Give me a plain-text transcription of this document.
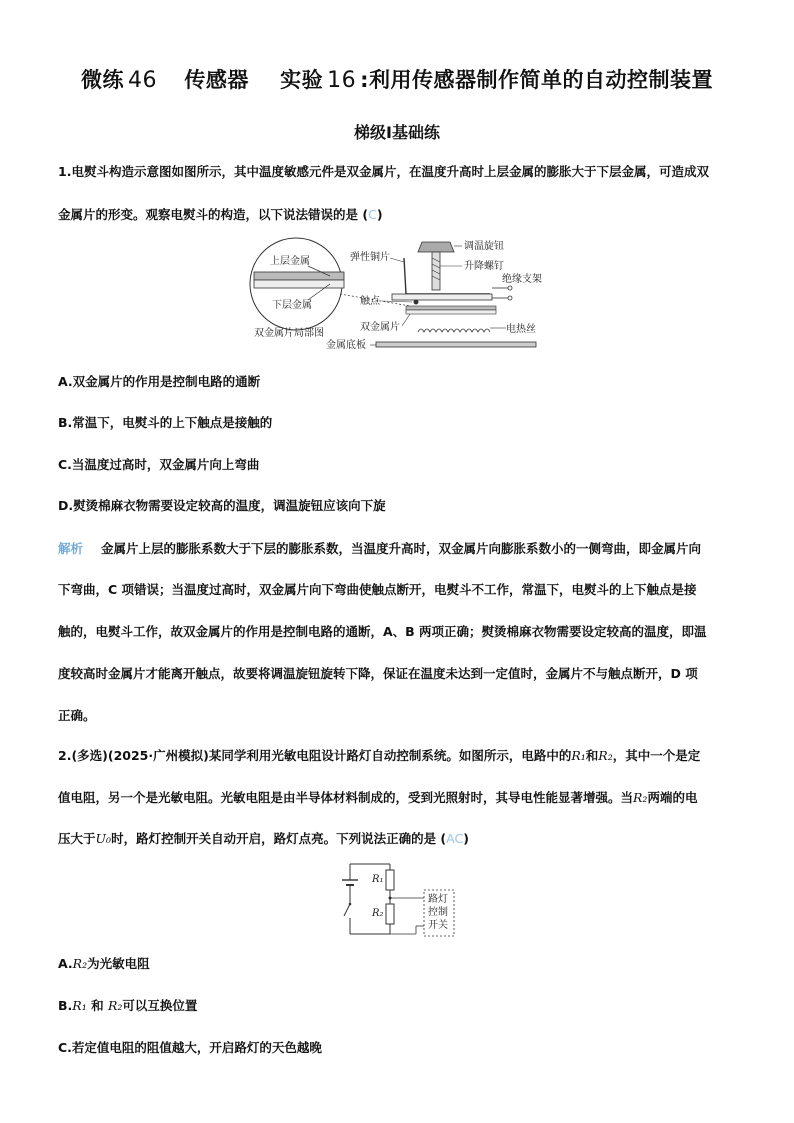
微练 46 传感器 实验 16 :利用传感器制作简单的自动控制装置
梯级Ⅰ基础练
1.电熨斗构造示意图如图所示，其中温度敏感元件是双金属片，在温度升高时上层金属的膨胀大于下层金属，可造成双
金属片的形变。观察电熨斗的构造，以下说法错误的是 (C)
上层金属
下层金属
双金属片局部图
调温旋钮
升降螺钉
弹性铜片
绝缘支架
触点
双金属片	电热丝
金属底板
A.双金属片的作用是控制电路的通断
B.常温下，电熨斗的上下触点是接触的
C.当温度过高时，双金属片向上弯曲
D.熨烫棉麻衣物需要设定较高的温度，调温旋钮应该向下旋
解析 金属片上层的膨胀系数大于下层的膨胀系数，当温度升高时，双金属片向膨胀系数小的一侧弯曲，即金属片向
下弯曲，C 项错误；当温度过高时，双金属片向下弯曲使触点断开，电熨斗不工作，常温下，电熨斗的上下触点是接
触的，电熨斗工作，故双金属片的作用是控制电路的通断，A、B 两项正确；熨烫棉麻衣物需要设定较高的温度，即温
度较高时金属片才能离开触点，故要将调温旋钮旋转下降，保证在温度未达到一定值时，金属片不与触点断开，D 项
正确。
2.(多选)(2025·广州模拟)某同学利用光敏电阻设计路灯自动控制系统。如图所示，电路中的R₁和R₂，其中一个是定
值电阻，另一个是光敏电阻。光敏电阻是由半导体材料制成的，受到光照射时，其导电性能显著增强。当R₂两端的电
压大于U₀时，路灯控制开关自动开启，路灯点亮。下列说法正确的是 (AC)
R₁
R₂
路灯
控制
开关
A.R₂为光敏电阻
B.R₁ 和 R₂可以互换位置
C.若定值电阻的阻值越大，开启路灯的天色越晚
